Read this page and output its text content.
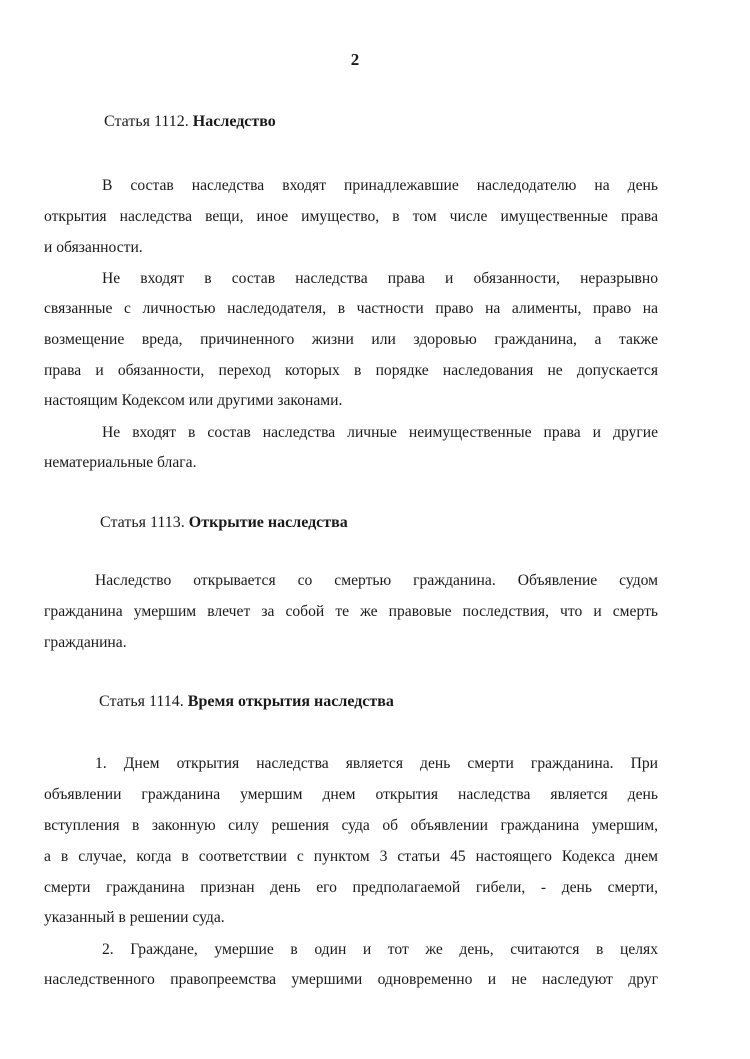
2
Статья 1112. Наследство
В состав наследства входят принадлежавшие наследодателю на день
открытия наследства вещи, иное имущество, в том числе имущественные права
и обязанности.
Не входят в состав наследства права и обязанности, неразрывно
связанные с личностью наследодателя, в частности право на алименты, право на
возмещение вреда, причиненного жизни или здоровью гражданина, а также
права и обязанности, переход которых в порядке наследования не допускается
настоящим Кодексом или другими законами.
Не входят в состав наследства личные неимущественные права и другие
нематериальные блага.
Статья 1113. Открытие наследства
Наследство открывается со смертью гражданина. Объявление судом
гражданина умершим влечет за собой те же правовые последствия, что и смерть
гражданина.
Статья 1114. Время открытия наследства
1. Днем открытия наследства является день смерти гражданина. При
объявлении гражданина умершим днем открытия наследства является день
вступления в законную силу решения суда об объявлении гражданина умершим,
а в случае, когда в соответствии с пунктом 3 статьи 45 настоящего Кодекса днем
смерти гражданина признан день его предполагаемой гибели, - день смерти,
указанный в решении суда.
2. Граждане, умершие в один и тот же день, считаются в целях
наследственного правопреемства умершими одновременно и не наследуют друг
